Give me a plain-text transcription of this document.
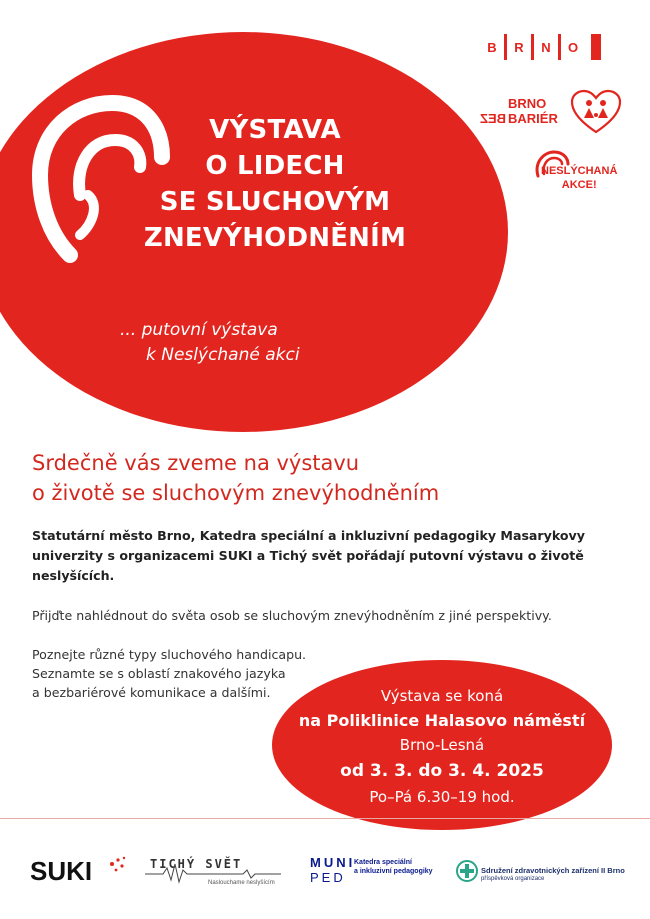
VÝSTAVA
O LIDECH
SE SLUCHOVÝM
ZNEVÝHODNĚNÍM
... putovní výstava
k Neslýchané akci
B	R	N	O
BRNO
BEZ BARIÉR
NESLÝCHANÁ
AKCE!
Srdečně vás zveme na výstavu
o životě se sluchovým znevýhodněním
Statutární město Brno, Katedra speciální a inkluzivní pedagogiky Masarykovy univerzity s organizacemi SUKI a Tichý svět pořádají putovní výstavu o životě neslyšících.
Přijďte nahlédnout do světa osob se sluchovým znevýhodněním z jiné perspektivy.
Poznejte různé typy sluchového handicapu.
Seznamte se s oblastí znakového jazyka
a bezbariérové komunikace a dalšími.	Výstava se koná
na Poliklinice Halasovo náměstí
Brno-Lesná
od 3. 3. do 3. 4. 2025
Po–Pá 6.30–19 hod.
SUKI	TICHÝ SVĚT
Naslouchame neslyšícím
MUNI
PED
Katedra speciální
a inkluzivní pedagogiky	Sdružení zdravotnických zařízení II Brno
příspěvková organizace
